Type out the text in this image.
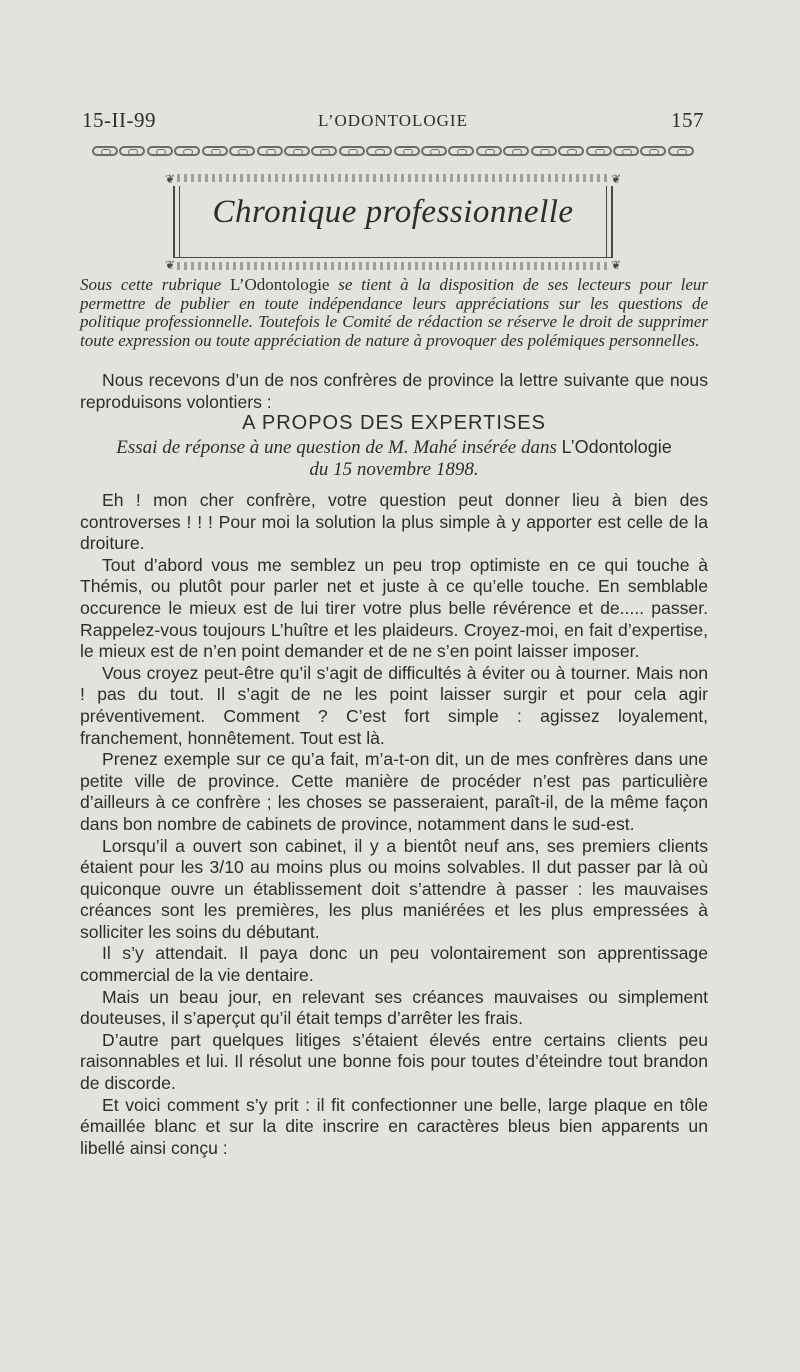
15-II-99	L’ODONTOLOGIE	157
❦	❦
❦	❦
Chronique professionnelle
Sous cette rubrique L’Odontologie se tient à la disposition de ses lecteurs pour leur permettre de publier en toute indépendance leurs appréciations sur les questions de politique professionnelle. Toutefois le Comité de rédaction se réserve le droit de supprimer toute expression ou toute appréciation de nature à provoquer des polémiques personnelles.

Nous recevons d’un de nos confrères de province la lettre suivante que nous reproduisons volontiers :

A PROPOS DES EXPERTISES
Essai de réponse à une question de M. Mahé insérée dans L’Odontologie
du 15 novembre 1898.

Eh ! mon cher confrère, votre question peut donner lieu à bien des controverses ! ! ! Pour moi la solution la plus simple à y apporter est celle de la droiture.

Tout d’abord vous me semblez un peu trop optimiste en ce qui touche à Thémis, ou plutôt pour parler net et juste à ce qu’elle touche. En semblable occurence le mieux est de lui tirer votre plus belle révérence et de..... passer. Rappelez-vous toujours L’huître et les plaideurs. Croyez-moi, en fait d’expertise, le mieux est de n’en point demander et de ne s’en point laisser imposer.

Vous croyez peut-être qu’il s’agit de difficultés à éviter ou à tourner. Mais non ! pas du tout. Il s’agit de ne les point laisser surgir et pour cela agir préventivement. Comment ? C’est fort simple : agissez loyalement, franchement, honnêtement. Tout est là.

Prenez exemple sur ce qu’a fait, m’a-t-on dit, un de mes confrères dans une petite ville de province. Cette manière de procéder n’est pas particulière d’ailleurs à ce confrère ; les choses se passeraient, paraît-il, de la même façon dans bon nombre de cabinets de province, notamment dans le sud-est.

Lorsqu’il a ouvert son cabinet, il y a bientôt neuf ans, ses premiers clients étaient pour les 3/10 au moins plus ou moins solvables. Il dut passer par là où quiconque ouvre un établissement doit s’attendre à passer : les mauvaises créances sont les premières, les plus maniérées et les plus empressées à solliciter les soins du débutant.

Il s’y attendait. Il paya donc un peu volontairement son apprentissage commercial de la vie dentaire.

Mais un beau jour, en relevant ses créances mauvaises ou simplement douteuses, il s’aperçut qu’il était temps d’arrêter les frais.

D’autre part quelques litiges s’étaient élevés entre certains clients peu raisonnables et lui. Il résolut une bonne fois pour toutes d’éteindre tout brandon de discorde.

Et voici comment s’y prit : il fit confectionner une belle, large plaque en tôle émaillée blanc et sur la dite inscrire en caractères bleus bien apparents un libellé ainsi conçu :
